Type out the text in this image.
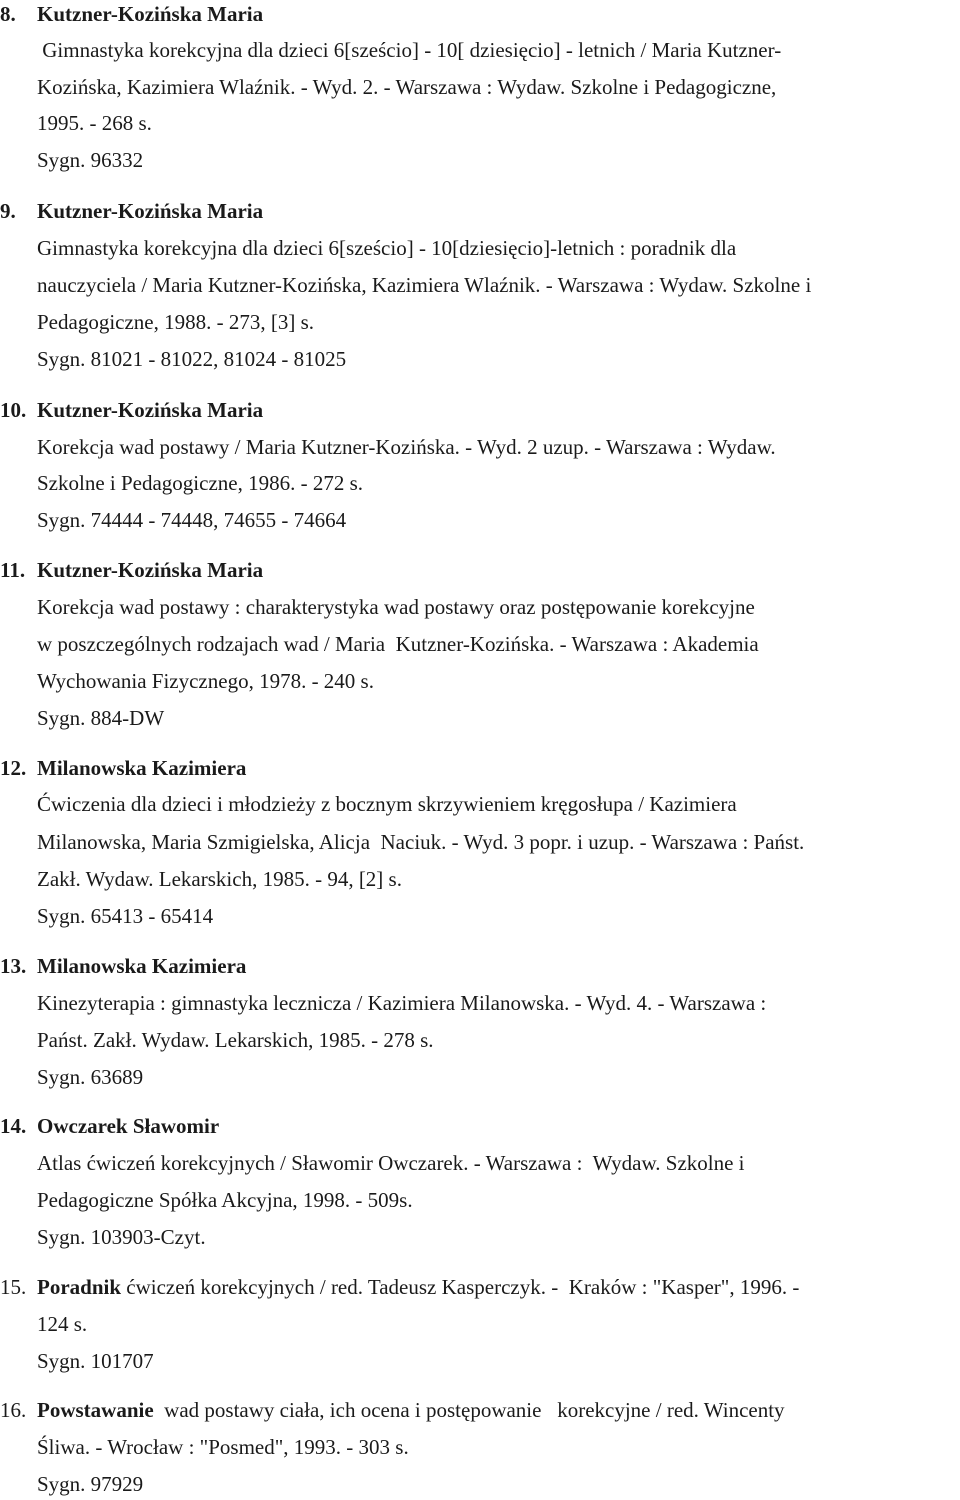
8. Kutzner-Kozińska Maria
Gimnastyka korekcyjna dla dzieci 6[sześcio] - 10[ dziesięcio] - letnich / Maria Kutzner-
Kozińska, Kazimiera Wlaźnik. - Wyd. 2. - Warszawa : Wydaw. Szkolne i Pedagogiczne,
1995. - 268 s.
Sygn. 96332
9. Kutzner-Kozińska Maria
Gimnastyka korekcyjna dla dzieci 6[sześcio] - 10[dziesięcio]-letnich : poradnik dla
nauczyciela / Maria Kutzner-Kozińska, Kazimiera Wlaźnik. - Warszawa : Wydaw. Szkolne i
Pedagogiczne, 1988. - 273, [3] s.
Sygn. 81021 - 81022, 81024 - 81025
10. Kutzner-Kozińska Maria
Korekcja wad postawy / Maria Kutzner-Kozińska. - Wyd. 2 uzup. - Warszawa : Wydaw.
Szkolne i Pedagogiczne, 1986. - 272 s.
Sygn. 74444 - 74448, 74655 - 74664
11. Kutzner-Kozińska Maria
Korekcja wad postawy : charakterystyka wad postawy oraz postępowanie korekcyjne
w poszczególnych rodzajach wad / Maria  Kutzner-Kozińska. - Warszawa : Akademia
Wychowania Fizycznego, 1978. - 240 s.
Sygn. 884-DW
12. Milanowska Kazimiera
Ćwiczenia dla dzieci i młodzieży z bocznym skrzywieniem kręgosłupa / Kazimiera
Milanowska, Maria Szmigielska, Alicja  Naciuk. - Wyd. 3 popr. i uzup. - Warszawa : Państ.
Zakł. Wydaw. Lekarskich, 1985. - 94, [2] s.
Sygn. 65413 - 65414
13. Milanowska Kazimiera
Kinezyterapia : gimnastyka lecznicza / Kazimiera Milanowska. - Wyd. 4. - Warszawa :
Państ. Zakł. Wydaw. Lekarskich, 1985. - 278 s.
Sygn. 63689
14. Owczarek Sławomir
Atlas ćwiczeń korekcyjnych / Sławomir Owczarek. - Warszawa :  Wydaw. Szkolne i
Pedagogiczne Spółka Akcyjna, 1998. - 509s.
Sygn. 103903-Czyt.
15. Poradnik ćwiczeń korekcyjnych / red. Tadeusz Kasperczyk. -  Kraków : "Kasper", 1996. -
124 s.
Sygn. 101707
16. Powstawanie  wad postawy ciała, ich ocena i postępowanie   korekcyjne / red. Wincenty
Śliwa. - Wrocław : "Posmed", 1993. - 303 s.
Sygn. 97929
